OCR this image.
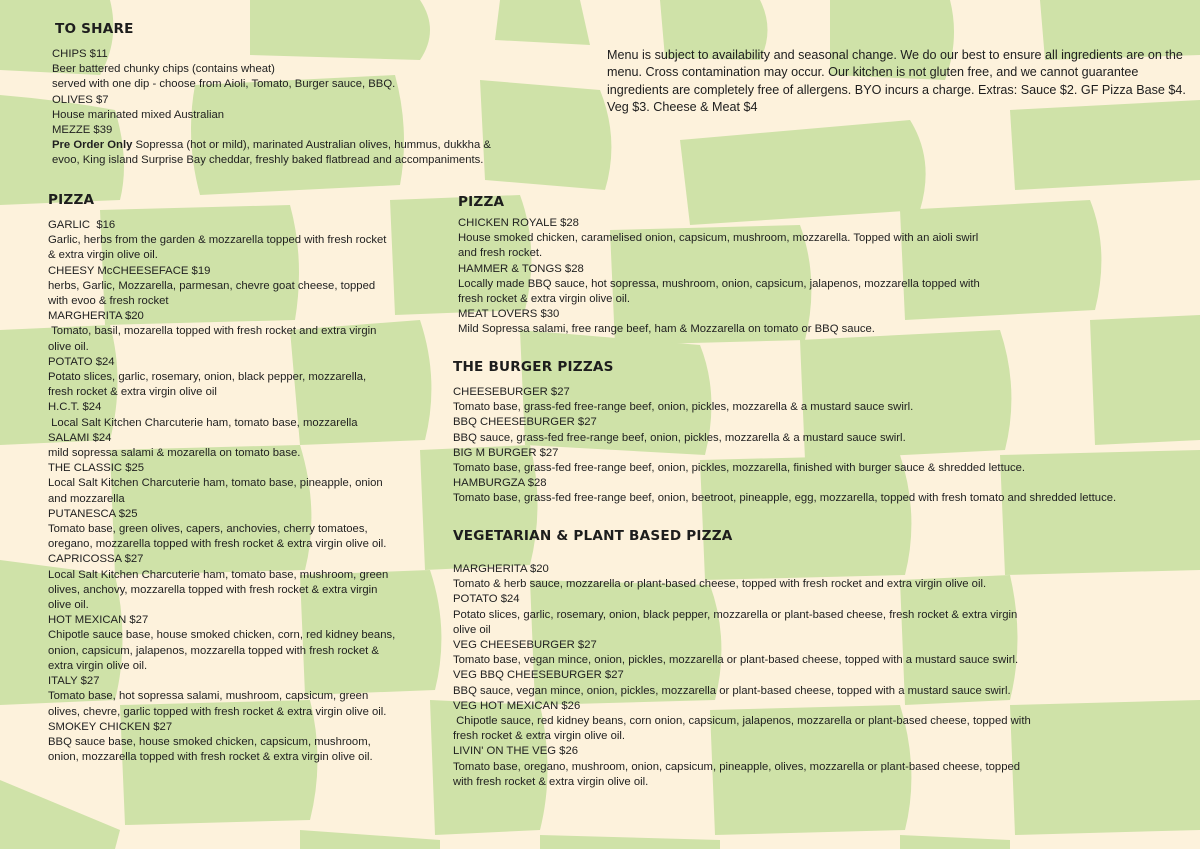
TO SHARE
CHIPS $11
Beer battered chunky chips (contains wheat)
served with one dip - choose from Aioli, Tomato, Burger sauce, BBQ.
OLIVES $7
House marinated mixed Australian
MEZZE $39
Pre Order Only Sopressa (hot or mild), marinated Australian olives, hummus, dukkha &
evoo, King island Surprise Bay cheddar, freshly baked flatbread and accompaniments.
Menu is subject to availability and seasonal change. We do our best to ensure all ingredients are on the menu. Cross contamination may occur. Our kitchen is not gluten free, and we cannot guarantee ingredients are completely free of allergens. BYO incurs a charge. Extras: Sauce $2. GF Pizza Base $4. Veg $3. Cheese & Meat $4
PIZZA
GARLIC  $16
Garlic, herbs from the garden & mozzarella topped with fresh rocket
& extra virgin olive oil.
CHEESY McCHEESEFACE $19
herbs, Garlic, Mozzarella, parmesan, chevre goat cheese, topped
with evoo & fresh rocket
MARGHERITA $20
Tomato, basil, mozarella topped with fresh rocket and extra virgin
olive oil.
POTATO $24
Potato slices, garlic, rosemary, onion, black pepper, mozzarella,
fresh rocket & extra virgin olive oil
H.C.T. $24
Local Salt Kitchen Charcuterie ham, tomato base, mozzarella
SALAMI $24
mild sopressa salami & mozarella on tomato base.
THE CLASSIC $25
Local Salt Kitchen Charcuterie ham, tomato base, pineapple, onion
and mozzarella
PUTANESCA $25
Tomato base, green olives, capers, anchovies, cherry tomatoes,
oregano, mozzarella topped with fresh rocket & extra virgin olive oil.
CAPRICOSSA $27
Local Salt Kitchen Charcuterie ham, tomato base, mushroom, green
olives, anchovy, mozzarella topped with fresh rocket & extra virgin
olive oil.
HOT MEXICAN $27
Chipotle sauce base, house smoked chicken, corn, red kidney beans,
onion, capsicum, jalapenos, mozzarella topped with fresh rocket &
extra virgin olive oil.
ITALY $27
Tomato base, hot sopressa salami, mushroom, capsicum, green
olives, chevre, garlic topped with fresh rocket & extra virgin olive oil.
SMOKEY CHICKEN $27
BBQ sauce base, house smoked chicken, capsicum, mushroom,
onion, mozzarella topped with fresh rocket & extra virgin olive oil.
PIZZA
CHICKEN ROYALE $28
House smoked chicken, caramelised onion, capsicum, mushroom, mozzarella. Topped with an aioli swirl
and fresh rocket.
HAMMER & TONGS $28
Locally made BBQ sauce, hot sopressa, mushroom, onion, capsicum, jalapenos, mozzarella topped with
fresh rocket & extra virgin olive oil.
MEAT LOVERS $30
Mild Sopressa salami, free range beef, ham & Mozzarella on tomato or BBQ sauce.
THE BURGER PIZZAS
CHEESEBURGER $27
Tomato base, grass-fed free-range beef, onion, pickles, mozzarella & a mustard sauce swirl.
BBQ CHEESEBURGER $27
BBQ sauce, grass-fed free-range beef, onion, pickles, mozzarella & a mustard sauce swirl.
BIG M BURGER $27
Tomato base, grass-fed free-range beef, onion, pickles, mozzarella, finished with burger sauce & shredded lettuce.
HAMBURGZA $28
Tomato base, grass-fed free-range beef, onion, beetroot, pineapple, egg, mozzarella, topped with fresh tomato and shredded lettuce.
VEGETARIAN & PLANT BASED PIZZA
MARGHERITA $20
Tomato & herb sauce, mozzarella or plant-based cheese, topped with fresh rocket and extra virgin olive oil.
POTATO $24
Potato slices, garlic, rosemary, onion, black pepper, mozzarella or plant-based cheese, fresh rocket & extra virgin
olive oil
VEG CHEESEBURGER $27
Tomato base, vegan mince, onion, pickles, mozzarella or plant-based cheese, topped with a mustard sauce swirl.
VEG BBQ CHEESEBURGER $27
BBQ sauce, vegan mince, onion, pickles, mozzarella or plant-based cheese, topped with a mustard sauce swirl.
VEG HOT MEXICAN $26
Chipotle sauce, red kidney beans, corn onion, capsicum, jalapenos, mozzarella or plant-based cheese, topped with
fresh rocket & extra virgin olive oil.
LIVIN' ON THE VEG $26
Tomato base, oregano, mushroom, onion, capsicum, pineapple, olives, mozzarella or plant-based cheese, topped
with fresh rocket & extra virgin olive oil.
